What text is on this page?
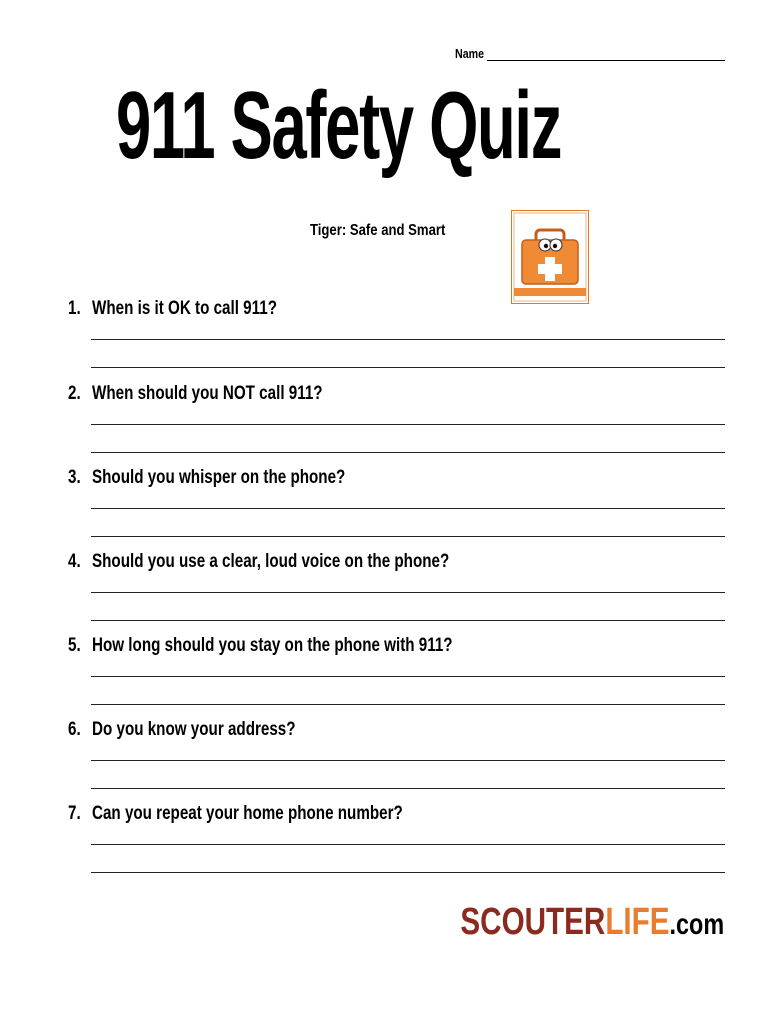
Name
911 Safety Quiz
Tiger: Safe and Smart
1. When is it OK to call 911?
2. When should you NOT call 911?
3. Should you whisper on the phone?
4. Should you use a clear, loud voice on the phone?
5. How long should you stay on the phone with 911?
6. Do you know your address?
7. Can you repeat your home phone number?
SCOUTERLIFE.com
